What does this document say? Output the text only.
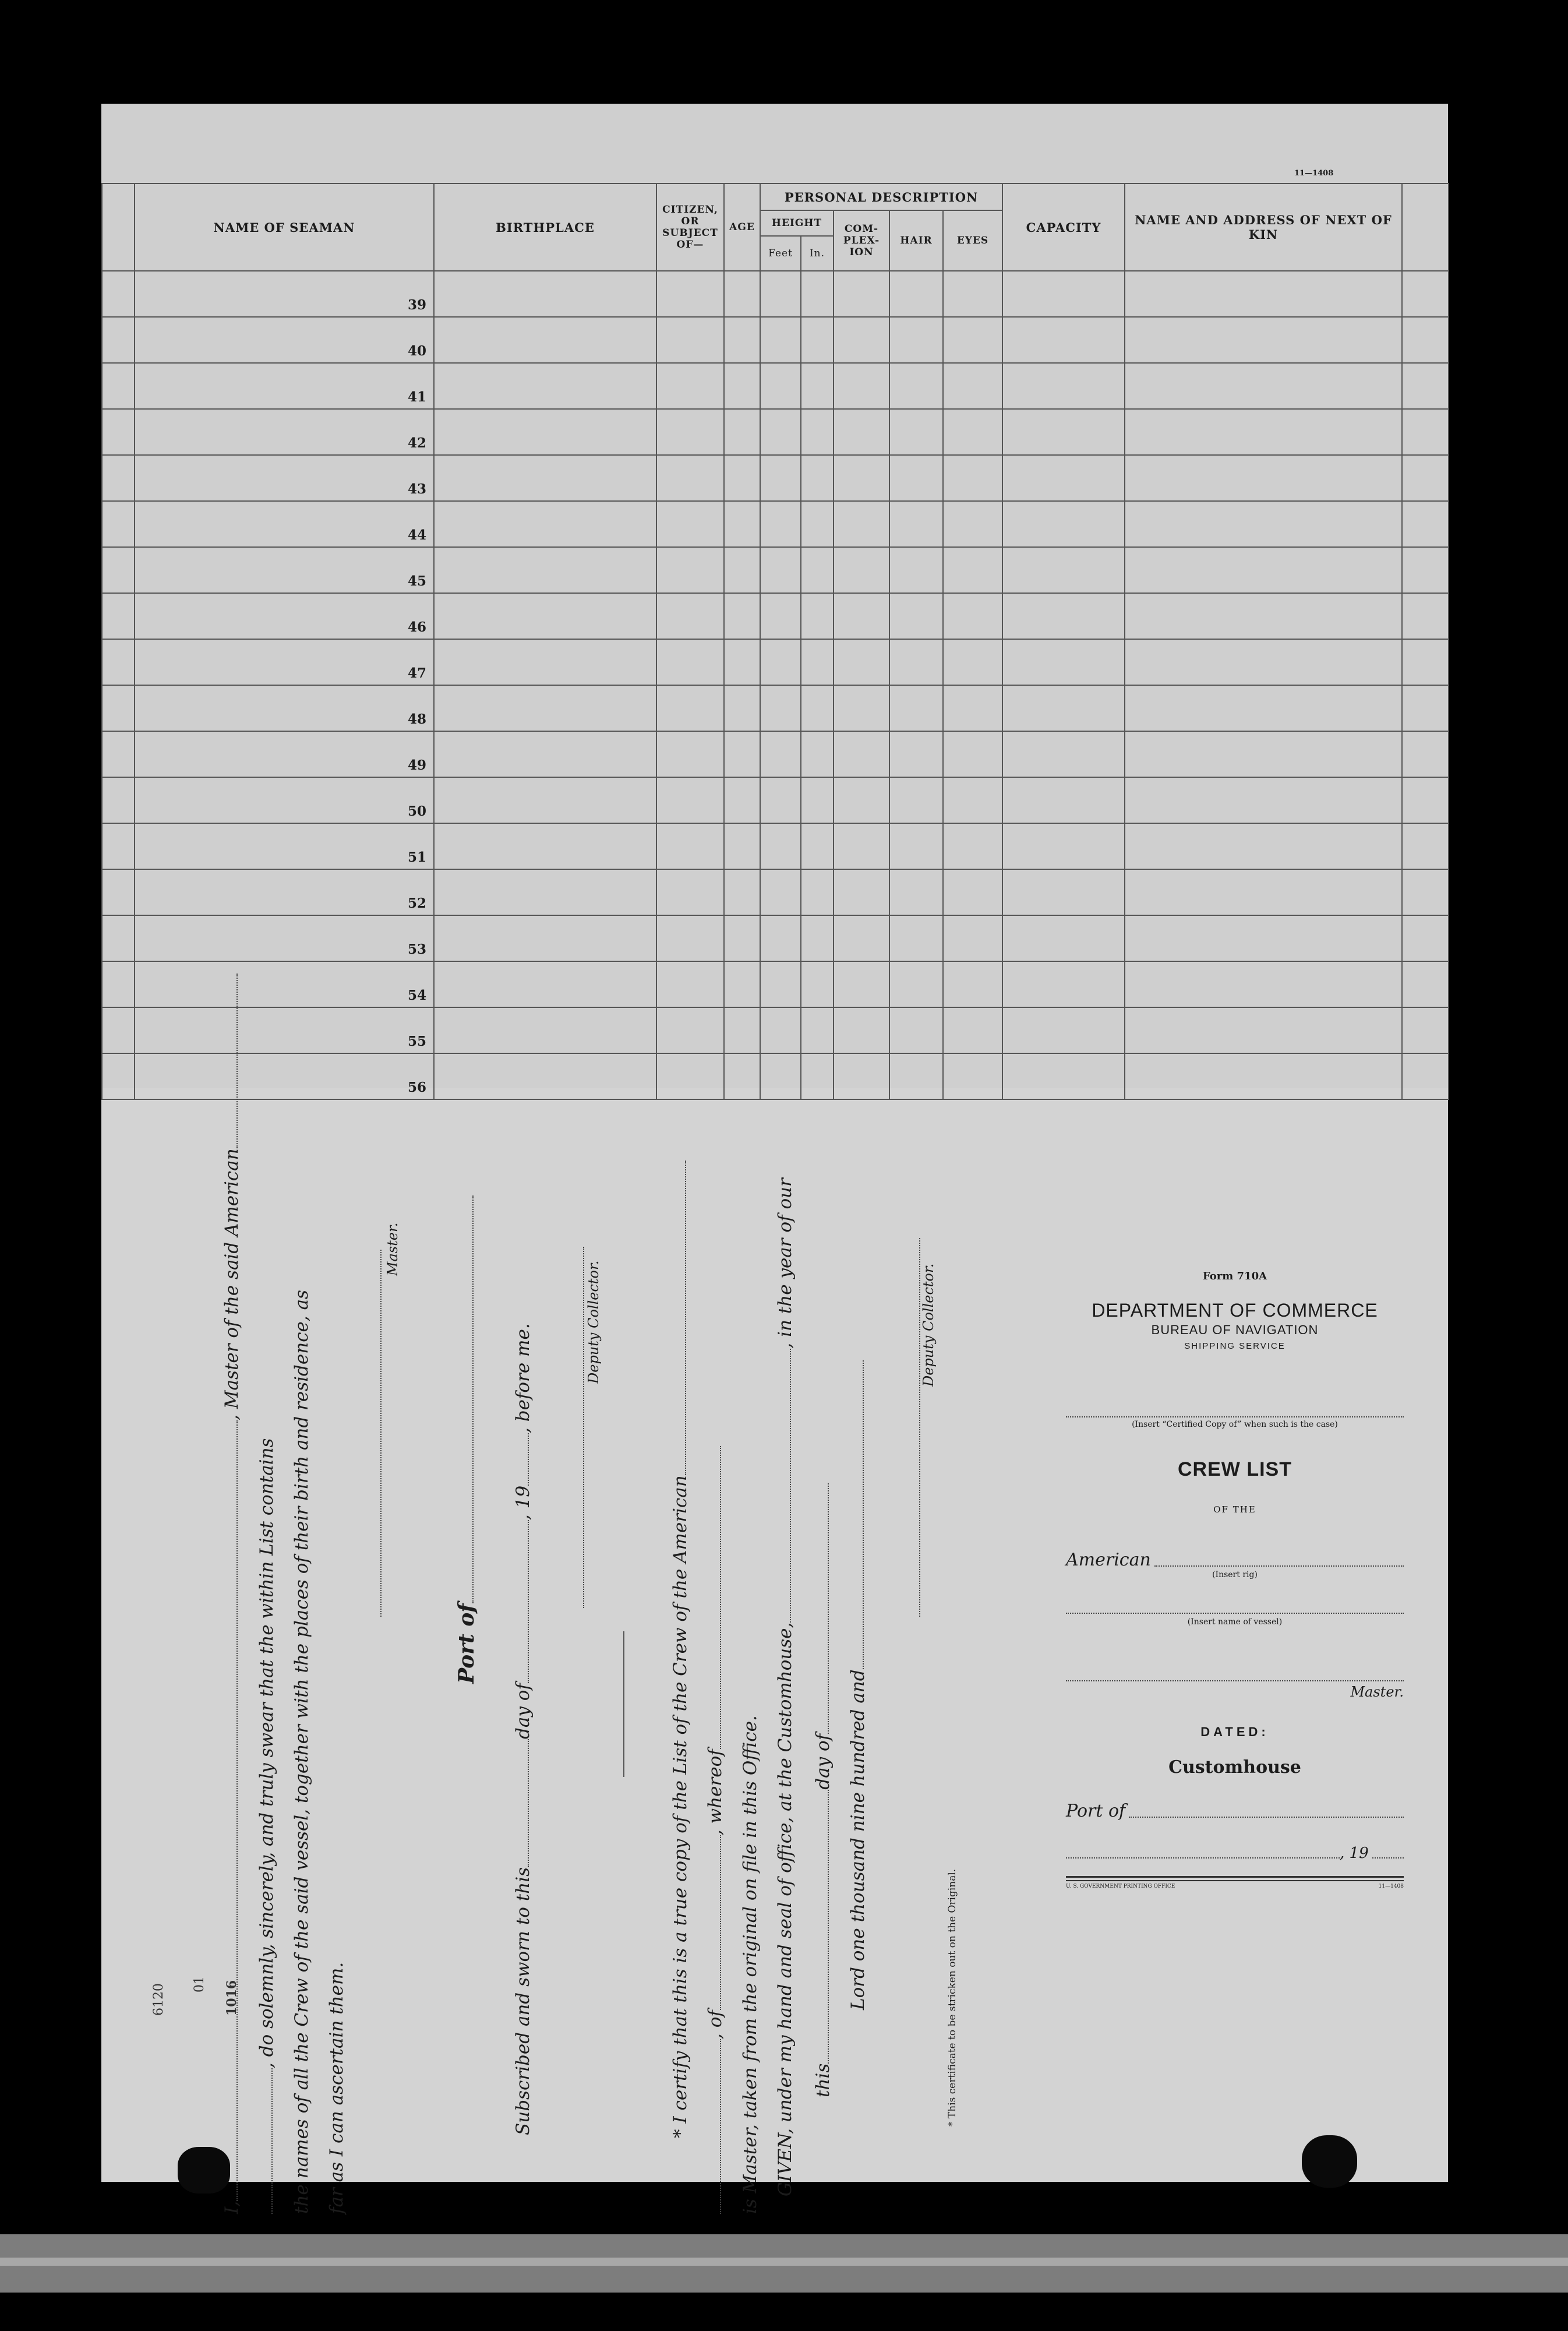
11—1408
	NAME OF SEAMAN	BIRTHPLACE	CITIZEN, OR SUBJECT OF—	AGE	PERSONAL DESCRIPTION					CAPACITY	NAME AND ADDRESS OF NEXT OF KIN	
					HEIGHT		COM- PLEX- ION	HAIR	EYES			
					Feet	In.						
	39											
	40											
	41											
	42											
	43											
	44											
	45											
	46											
	47											
	48											
	49											
	50											
	51											
	52											
	53											
	54											
	55											
	56											
I,, Master of the said American
, do solemnly, sincerely, and truly swear that the within List contains the names of all the Crew of the said vessel, together with the places of their birth and residence, as far as I can ascertain them.
Master.
Port of
Subscribed and sworn to thisday of, 19, before me.	Deputy Collector.
* I certify that this is a true copy of the List of the Crew of the American , of, whereof is Master, taken from the original on file in this Office. GIVEN, under my hand and seal of office, at the Customhouse,, in the year of our
thisday of Lord one thousand nine hundred and
Deputy Collector.
* This certificate to be stricken out on the Original.
Form 710A
DEPARTMENT OF COMMERCE
BUREAU OF NAVIGATION
SHIPPING SERVICE
(Insert “Certified Copy of” when such is the case)
CREW LIST
OF THE
American
(Insert rig)
(Insert name of vessel)
Master.
DATED:
Customhouse
Port of
, 19
U. S. GOVERNMENT PRINTING OFFICE	11—1408
6120 01 1016
